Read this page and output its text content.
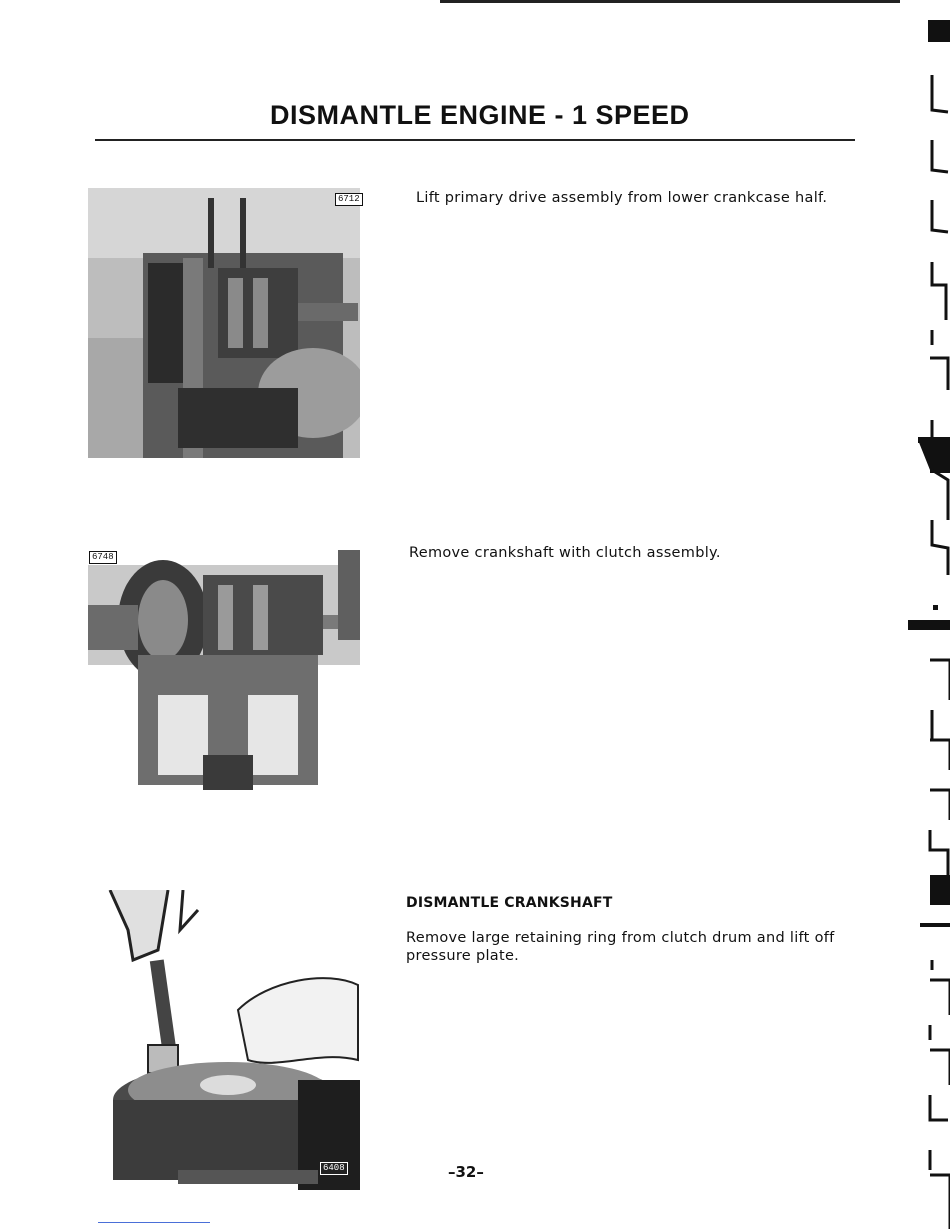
DISMANTLE ENGINE - 1 SPEED
6712	Lift primary drive assembly from lower crankcase half.

6748	Remove crankshaft with clutch assembly.

6408
DISMANTLE CRANKSHAFT

Remove large retaining ring from clutch drum and lift off pressure plate.

–32–
